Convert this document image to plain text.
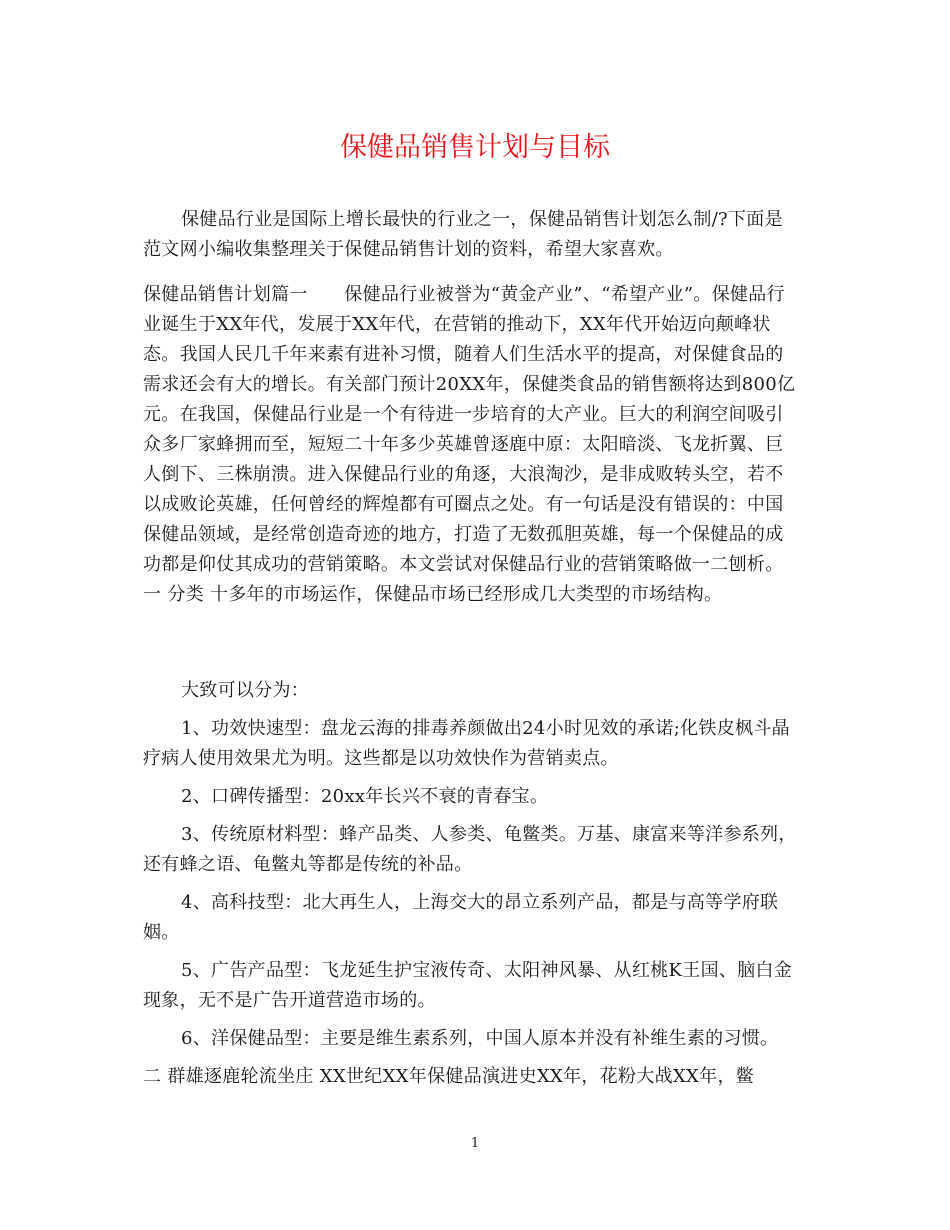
保健品销售计划与目标
保健品行业是国际上增长最快的行业之一，保健品销售计划怎么制/?下面是
范文网小编收集整理关于保健品销售计划的资料，希望大家喜欢。
保健品销售计划篇一　　保健品行业被誉为“黄金产业”、“希望产业”。保健品行
业诞生于XX年代，发展于XX年代，在营销的推动下，XX年代开始迈向颠峰状
态。我国人民几千年来素有进补习惯，随着人们生活水平的提高，对保健食品的
需求还会有大的增长。有关部门预计20XX年，保健类食品的销售额将达到800亿
元。在我国，保健品行业是一个有待进一步培育的大产业。巨大的利润空间吸引
众多厂家蜂拥而至，短短二十年多少英雄曾逐鹿中原：太阳暗淡、飞龙折翼、巨
人倒下、三株崩溃。进入保健品行业的角逐，大浪淘沙，是非成败转头空，若不
以成败论英雄，任何曾经的辉煌都有可圈点之处。有一句话是没有错误的：中国
保健品领域，是经常创造奇迹的地方，打造了无数孤胆英雄，每一个保健品的成
功都是仰仗其成功的营销策略。本文尝试对保健品行业的营销策略做一二刨析。
一 分类 十多年的市场运作，保健品市场已经形成几大类型的市场结构。
大致可以分为：
1、功效快速型：盘龙云海的排毒养颜做出24小时见效的承诺;化铁皮枫斗晶
疗病人使用效果尤为明。这些都是以功效快作为营销卖点。
2、口碑传播型：20xx年长兴不衰的青春宝。
3、传统原材料型：蜂产品类、人参类、龟鳖类。万基、康富来等洋参系列，
还有蜂之语、龟鳖丸等都是传统的补品。
4、高科技型：北大再生人，上海交大的昂立系列产品，都是与高等学府联
姻。
5、广告产品型：飞龙延生护宝液传奇、太阳神风暴、从红桃K王国、脑白金
现象，无不是广告开道营造市场的。
6、洋保健品型：主要是维生素系列，中国人原本并没有补维生素的习惯。
二 群雄逐鹿轮流坐庄 XX世纪XX年保健品演进史XX年，花粉大战XX年，鳖
1
